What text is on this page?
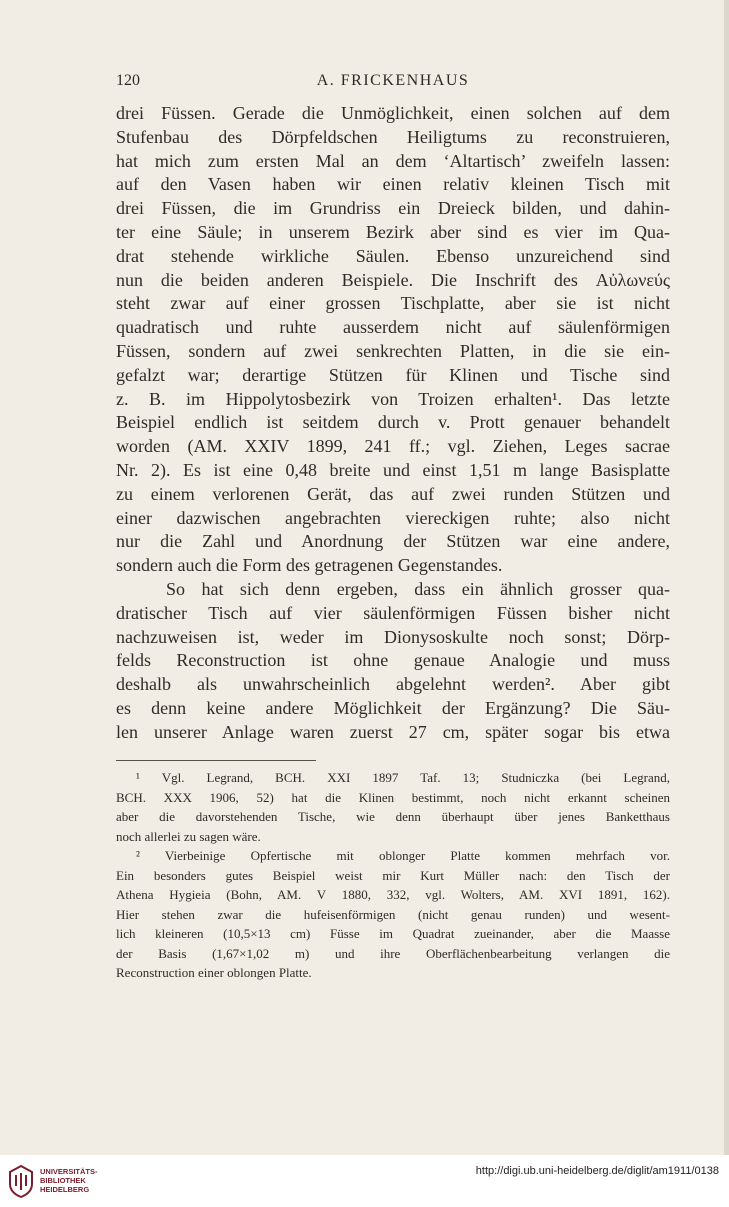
120	A. FRICKENHAUS
drei Füssen. Gerade die Unmöglichkeit, einen solchen auf dem
Stufenbau des Dörpfeldschen Heiligtums zu reconstruieren,
hat mich zum ersten Mal an dem ‘Altartisch’ zweifeln lassen:
auf den Vasen haben wir einen relativ kleinen Tisch mit
drei Füssen, die im Grundriss ein Dreieck bilden, und dahin-
ter eine Säule; in unserem Bezirk aber sind es vier im Qua-
drat stehende wirkliche Säulen. Ebenso unzureichend sind
nun die beiden anderen Beispiele. Die Inschrift des Αὐλωνεύς
steht zwar auf einer grossen Tischplatte, aber sie ist nicht
quadratisch und ruhte ausserdem nicht auf säulenförmigen
Füssen, sondern auf zwei senkrechten Platten, in die sie ein-
gefalzt war; derartige Stützen für Klinen und Tische sind
z. B. im Hippolytosbezirk von Troizen erhalten¹. Das letzte
Beispiel endlich ist seitdem durch v. Prott genauer behandelt
worden (AM. XXIV 1899, 241 ff.; vgl. Ziehen, Leges sacrae
Nr. 2). Es ist eine 0,48 breite und einst 1,51 m lange Basisplatte
zu einem verlorenen Gerät, das auf zwei runden Stützen und
einer dazwischen angebrachten viereckigen ruhte; also nicht
nur die Zahl und Anordnung der Stützen war eine andere,
sondern auch die Form des getragenen Gegenstandes.
So hat sich denn ergeben, dass ein ähnlich grosser qua-
dratischer Tisch auf vier säulenförmigen Füssen bisher nicht
nachzuweisen ist, weder im Dionysoskulte noch sonst; Dörp-
felds Reconstruction ist ohne genaue Analogie und muss
deshalb als unwahrscheinlich abgelehnt werden². Aber gibt
es denn keine andere Möglichkeit der Ergänzung? Die Säu-
len unserer Anlage waren zuerst 27 cm, später sogar bis etwa
¹ Vgl. Legrand, BCH. XXI 1897 Taf. 13; Studniczka (bei Legrand,
BCH. XXX 1906, 52) hat die Klinen bestimmt, noch nicht erkannt scheinen
aber die davorstehenden Tische, wie denn überhaupt über jenes Banketthaus
noch allerlei zu sagen wäre.
² Vierbeinige Opfertische mit oblonger Platte kommen mehrfach vor.
Ein besonders gutes Beispiel weist mir Kurt Müller nach: den Tisch der
Athena Hygieia (Bohn, AM. V 1880, 332, vgl. Wolters, AM. XVI 1891, 162).
Hier stehen zwar die hufeisenförmigen (nicht genau runden) und wesent-
lich kleineren (10,5×13 cm) Füsse im Quadrat zueinander, aber die Maasse
der Basis (1,67×1,02 m) und ihre Oberflächenbearbeitung verlangen die
Reconstruction einer oblongen Platte.
UNIVERSITÄTS-
BIBLIOTHEK
HEIDELBERG
http://digi.ub.uni-heidelberg.de/diglit/am1911/0138
